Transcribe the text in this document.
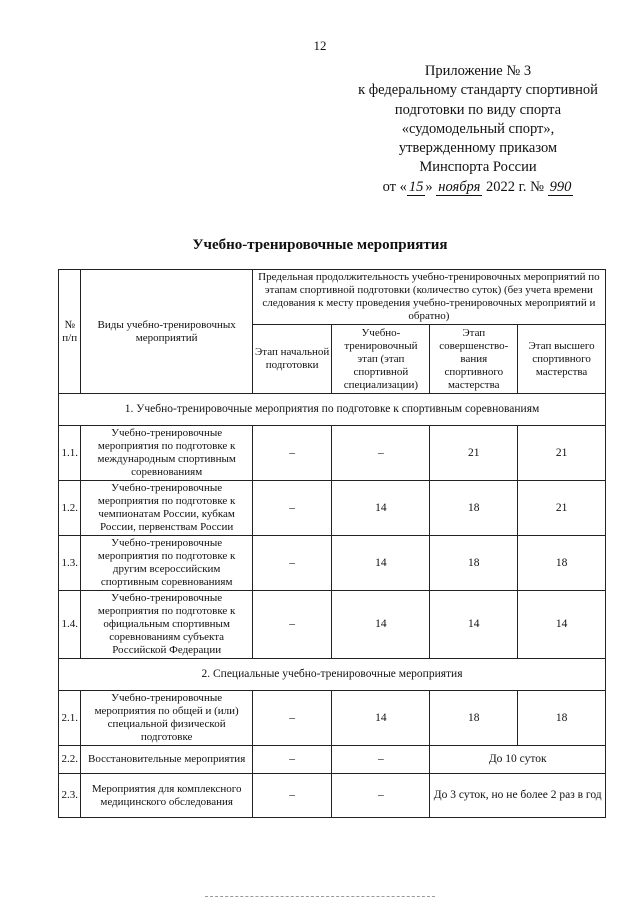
12
Приложение № 3
к федеральному стандарту спортивной
подготовки по виду спорта
«судомодельный спорт»,
утвержденному приказом
Минспорта России
от « 15 » ноября 2022 г. № 990
Учебно-тренировочные мероприятия
№ п/п	Виды учебно-тренировочных мероприятий	Предельная продолжительность учебно-тренировочных мероприятий по этапам спортивной подготовки (количество суток) (без учета времени следования к месту проведения учебно-тренировочных мероприятий и обратно)			
		Этап начальной подготовки	Учебно-тренировочный этап (этап спортивной специализации)	Этап совершенство-вания спортивного мастерства	Этап высшего спортивного мастерства
1. Учебно-тренировочные мероприятия по подготовке к спортивным соревнованиям					
1.1.	Учебно-тренировочные мероприятия по подготовке к международным спортивным соревнованиям	–	–	21	21
1.2.	Учебно-тренировочные мероприятия по подготовке к чемпионатам России, кубкам России, первенствам России	–	14	18	21
1.3.	Учебно-тренировочные мероприятия по подготовке к другим всероссийским спортивным соревнованиям	–	14	18	18
1.4.	Учебно-тренировочные мероприятия по подготовке к официальным спортивным соревнованиям субъекта Российской Федерации	–	14	14	14
2. Специальные учебно-тренировочные мероприятия					
2.1.	Учебно-тренировочные мероприятия по общей и (или) специальной физической подготовке	–	14	18	18
2.2.	Восстановительные мероприятия	–	–	До 10 суток	
2.3.	Мероприятия для комплексного медицинского обследования	–	–	До 3 суток, но не более 2 раз в год	
